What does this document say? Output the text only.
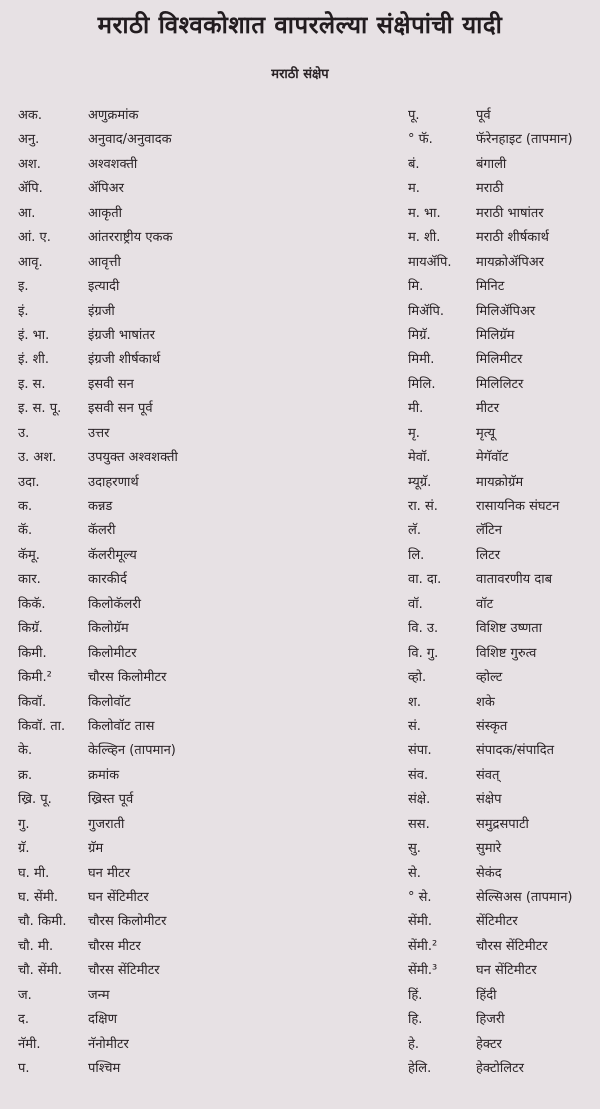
मराठी विश्वकोशात वापरलेल्या संक्षेपांची यादी
मराठी संक्षेप
अक.	अणुक्रमांक
अनु.	अनुवाद/अनुवादक
अश.	अश्वशक्ती
ॲपि.	ॲपिअर
आ.	आकृती
आं. ए.	आंतरराष्ट्रीय एकक
आवृ.	आवृत्ती
इ.	इत्यादी
इं.	इंग्रजी
इं. भा.	इंग्रजी भाषांतर
इं. शी.	इंग्रजी शीर्षकार्थ
इ. स.	इसवी सन
इ. स. पू.	इसवी सन पूर्व
उ.	उत्तर
उ. अश.	उपयुक्त अश्वशक्ती
उदा.	उदाहरणार्थ
क.	कन्नड
कॅ.	कॅलरी
कॅमू.	कॅलरीमूल्य
कार.	कारकीर्द
किकॅ.	किलोकॅलरी
किग्रॅ.	किलोग्रॅम
किमी.	किलोमीटर
किमी.²	चौरस किलोमीटर
किवॉ.	किलोवॉट
किवॉ. ता.	किलोवॉट तास
के.	केल्व्हिन (तापमान)
क्र.	क्रमांक
ख्रि. पू.	ख्रिस्त पूर्व
गु.	गुजराती
ग्रॅ.	ग्रॅम
घ. मी.	घन मीटर
घ. सेंमी.	घन सेंटिमीटर
चौ. किमी.	चौरस किलोमीटर
चौ. मी.	चौरस मीटर
चौ. सेंमी.	चौरस सेंटिमीटर
ज.	जन्म
द.	दक्षिण
नॅमी.	नॅनोमीटर
प.	पश्चिम
पू.	पूर्व
° फॅ.	फॅरेनहाइट (तापमान)
बं.	बंगाली
म.	मराठी
म. भा.	मराठी भाषांतर
म. शी.	मराठी शीर्षकार्थ
मायॲपि.	मायक्रोॲपिअर
मि.	मिनिट
मिॲपि.	मिलिॲपिअर
मिग्रॅ.	मिलिग्रॅम
मिमी.	मिलिमीटर
मिलि.	मिलिलिटर
मी.	मीटर
मृ.	मृत्यू
मेवॉ.	मेगॅवॉट
म्यूग्रॅ.	मायक्रोग्रॅम
रा. सं.	रासायनिक संघटन
लॅ.	लॅटिन
लि.	लिटर
वा. दा.	वातावरणीय दाब
वॉ.	वॉट
वि. उ.	विशिष्ट उष्णता
वि. गु.	विशिष्ट गुरुत्व
व्हो.	व्होल्ट
श.	शके
सं.	संस्कृत
संपा.	संपादक/संपादित
संव.	संवत्
संक्षे.	संक्षेप
सस.	समुद्रसपाटी
सु.	सुमारे
से.	सेकंद
° से.	सेल्सिअस (तापमान)
सेंमी.	सेंटिमीटर
सेंमी.²	चौरस सेंटिमीटर
सेंमी.³	घन सेंटिमीटर
हिं.	हिंदी
हि.	हिजरी
हे.	हेक्टर
हेलि.	हेक्टोलिटर
